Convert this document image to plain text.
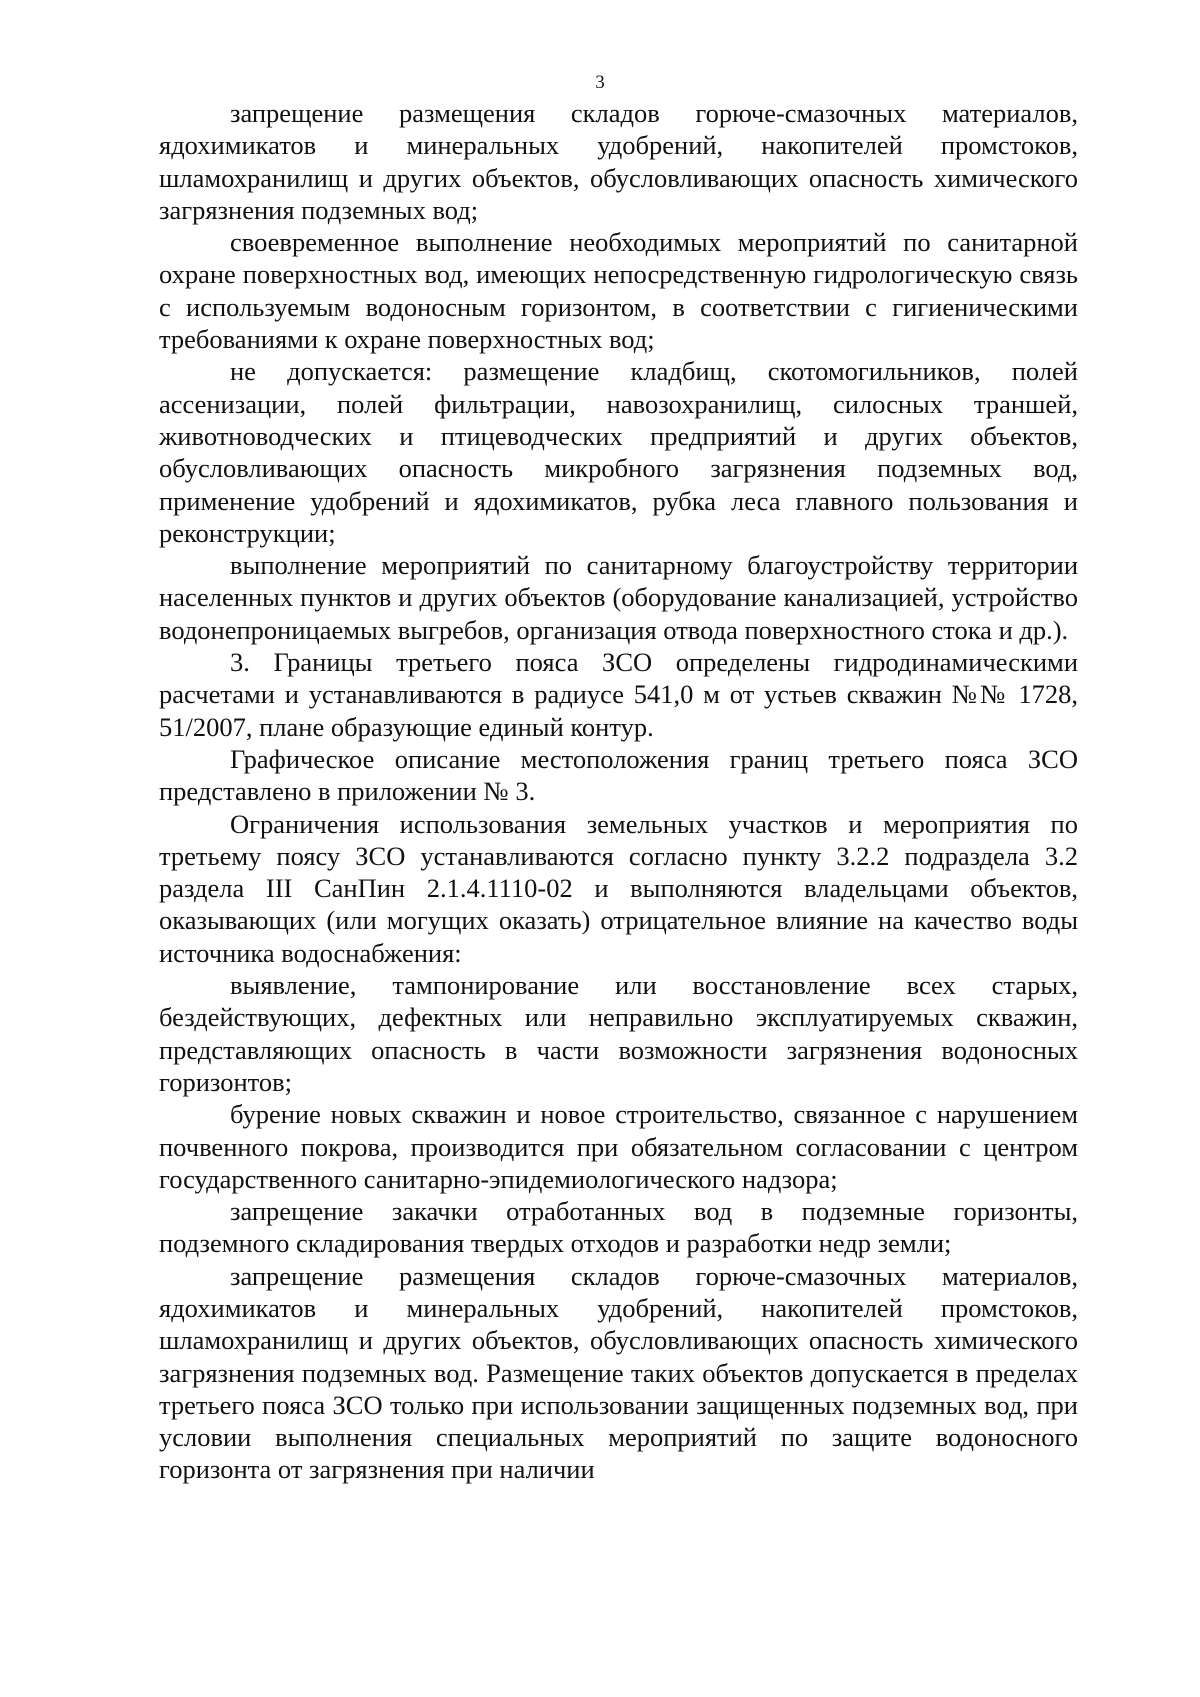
3

запрещение размещения складов горюче-смазочных материалов, ядохимикатов и минеральных удобрений, накопителей промстоков, шламохранилищ и других объектов, обусловливающих опасность химического загрязнения подземных вод;

своевременное выполнение необходимых мероприятий по санитарной охране поверхностных вод, имеющих непосредственную гидрологическую связь с используемым водоносным горизонтом, в соответствии с гигиеническими требованиями к охране поверхностных вод;

не допускается: размещение кладбищ, скотомогильников, полей ассенизации, полей фильтрации, навозохранилищ, силосных траншей, животноводческих и птицеводческих предприятий и других объектов, обусловливающих опасность микробного загрязнения подземных вод, применение удобрений и ядохимикатов, рубка леса главного пользования и реконструкции;

выполнение мероприятий по санитарному благоустройству территории населенных пунктов и других объектов (оборудование канализацией, устройство водонепроницаемых выгребов, организация отвода поверхностного стока и др.).

3. Границы третьего пояса ЗСО определены гидродинамическими расчетами и устанавливаются в радиусе 541,0 м от устьев скважин №№ 1728, 51/2007, плане образующие единый контур.

Графическое описание местоположения границ третьего пояса ЗСО представлено в приложении № 3.

Ограничения использования земельных участков и мероприятия по третьему поясу ЗСО устанавливаются согласно пункту 3.2.2 подраздела 3.2 раздела III СанПин 2.1.4.1110-02 и выполняются владельцами объектов, оказывающих (или могущих оказать) отрицательное влияние на качество воды источника водоснабжения:

выявление, тампонирование или восстановление всех старых, бездействующих, дефектных или неправильно эксплуатируемых скважин, представляющих опасность в части возможности загрязнения водоносных горизонтов;

бурение новых скважин и новое строительство, связанное с нарушением почвенного покрова, производится при обязательном согласовании с центром государственного санитарно-эпидемиологического надзора;

запрещение закачки отработанных вод в подземные горизонты, подземного складирования твердых отходов и разработки недр земли;

запрещение размещения складов горюче-смазочных материалов, ядохимикатов и минеральных удобрений, накопителей промстоков, шламохранилищ и других объектов, обусловливающих опасность химического загрязнения подземных вод. Размещение таких объектов допускается в пределах третьего пояса ЗСО только при использовании защищенных подземных вод, при условии выполнения специальных мероприятий по защите водоносного горизонта от загрязнения при наличии
